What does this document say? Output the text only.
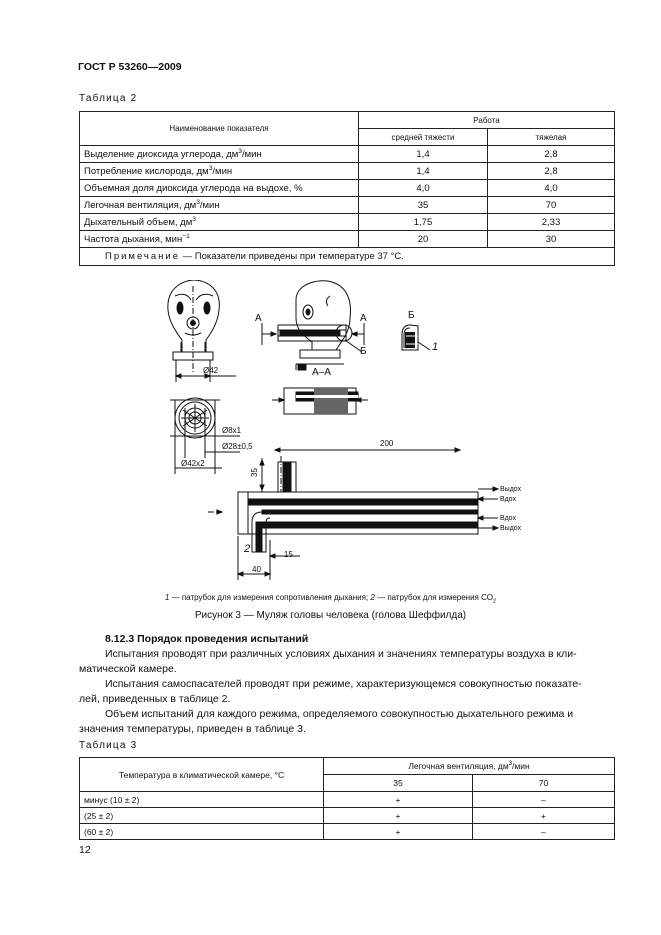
ГОСТ Р 53260—2009
Таблица 2
Наименование показателя	Работа	
	средней тяжести	тяжелая
Выделение диоксида углерода, $дм^3$/мин	1,4	2,8
Потребление кислорода, $дм^3$/мин	1,4	2,8
Объемная доля диоксида углерода на выдохе, %	4,0	4,0
Легочная вентиляция, $дм^3$/мин	35	70
Дыхательный объем, $дм^3$	1,75	2,33
Частота дыхания, мин$^{-1}$	20	30
Примечание — Показатели приведены при температуре 37 °С.		
Ø42
Ø8x1
Ø28±0,5
Ø42x2
А	А
Б
Б
1
А–А
200
35
15
40
2
Выдох
Вдох
Вдох
Выдох
1 — патрубок для измерения сопротивления дыхания; 2 — патрубок для измерения $СО_2$
Рисунок 3 — Муляж головы человека (голова Шеффилда)
8.12.3 Порядок проведения испытаний
Испытания проводят при различных условиях дыхания и значениях температуры воздуха в кли-
матической камере.
Испытания самоспасателей проводят при режиме, характеризующемся совокупностью показате-
лей, приведенных в таблице 2.
Объем испытаний для каждого режима, определяемого совокупностью дыхательного режима и
значения температуры, приведен в таблице 3.
Таблица 3
Температура в климатической камере, °С	Легочная вентиляция, $дм^3$/мин	
	35	70
минус (10 ± 2)	+	–
(25 ± 2)	+	+
(60 ± 2)	+	–
12
